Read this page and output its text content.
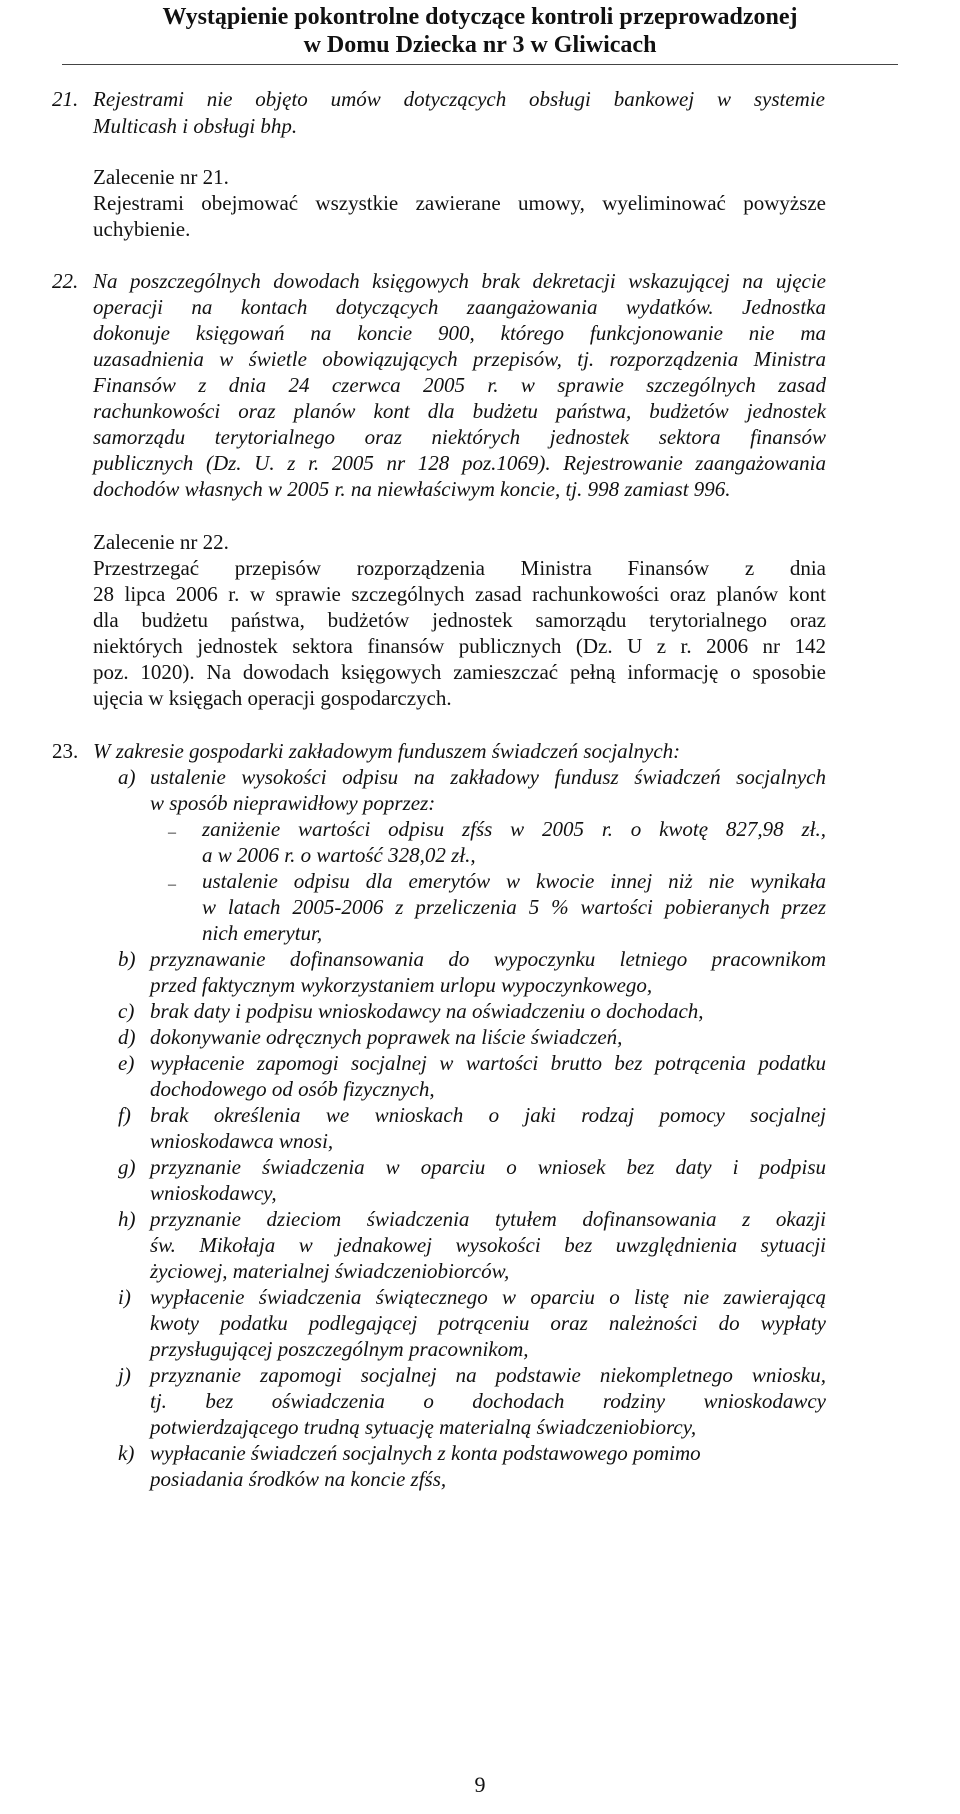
Wystąpienie pokontrolne dotyczące kontroli przeprowadzonej
w Domu Dziecka nr 3 w Gliwicach
21. Rejestrami nie objęto umów dotyczących obsługi bankowej w systemie
Multicash i obsługi bhp.
Zalecenie nr 21.
Rejestrami obejmować wszystkie zawierane umowy, wyeliminować powyższe
uchybienie.
22. Na poszczególnych dowodach księgowych brak dekretacji wskazującej na ujęcie
operacji na kontach dotyczących zaangażowania wydatków. Jednostka
dokonuje księgowań na koncie 900, którego funkcjonowanie nie ma
uzasadnienia w świetle obowiązujących przepisów, tj. rozporządzenia Ministra
Finansów z dnia 24 czerwca 2005 r. w sprawie szczególnych zasad
rachunkowości oraz planów kont dla budżetu państwa, budżetów jednostek
samorządu terytorialnego oraz niektórych jednostek sektora finansów
publicznych (Dz. U. z r. 2005 nr 128 poz.1069). Rejestrowanie zaangażowania
dochodów własnych w 2005 r. na niewłaściwym koncie, tj. 998 zamiast 996.
Zalecenie nr 22.
Przestrzegać przepisów rozporządzenia Ministra Finansów z dnia
28 lipca 2006 r. w sprawie szczególnych zasad rachunkowości oraz planów kont
dla budżetu państwa, budżetów jednostek samorządu terytorialnego oraz
niektórych jednostek sektora finansów publicznych (Dz. U z r. 2006 nr 142
poz. 1020). Na dowodach księgowych zamieszczać pełną informację o sposobie
ujęcia w księgach operacji gospodarczych.
23. W zakresie gospodarki zakładowym funduszem świadczeń socjalnych:
a) ustalenie wysokości odpisu na zakładowy fundusz świadczeń socjalnych
w sposób nieprawidłowy poprzez:
– zaniżenie wartości odpisu zfśs w 2005 r. o kwotę 827,98 zł.,
a w 2006 r. o wartość 328,02 zł.,
– ustalenie odpisu dla emerytów w kwocie innej niż nie wynikała
w latach 2005-2006 z przeliczenia 5 % wartości pobieranych przez
nich emerytur,
b) przyznawanie dofinansowania do wypoczynku letniego pracownikom
przed faktycznym wykorzystaniem urlopu wypoczynkowego,
c) brak daty i podpisu wnioskodawcy na oświadczeniu o dochodach,
d) dokonywanie odręcznych poprawek na liście świadczeń,
e) wypłacenie zapomogi socjalnej w wartości brutto bez potrącenia podatku
dochodowego od osób fizycznych,
f) brak określenia we wnioskach o jaki rodzaj pomocy socjalnej
wnioskodawca wnosi,
g) przyznanie świadczenia w oparciu o wniosek bez daty i podpisu
wnioskodawcy,
h) przyznanie dzieciom świadczenia tytułem dofinansowania z okazji
św. Mikołaja w jednakowej wysokości bez uwzględnienia sytuacji
życiowej, materialnej świadczeniobiorców,
i) wypłacenie świadczenia świątecznego w oparciu o listę nie zawierającą
kwoty podatku podlegającej potrąceniu oraz należności do wypłaty
przysługującej poszczególnym pracownikom,
j) przyznanie zapomogi socjalnej na podstawie niekompletnego wniosku,
tj. bez oświadczenia o dochodach rodziny wnioskodawcy
potwierdzającego trudną sytuację materialną świadczeniobiorcy,
k) wypłacanie świadczeń socjalnych z konta podstawowego pomimo
posiadania środków na koncie zfśs,
9
